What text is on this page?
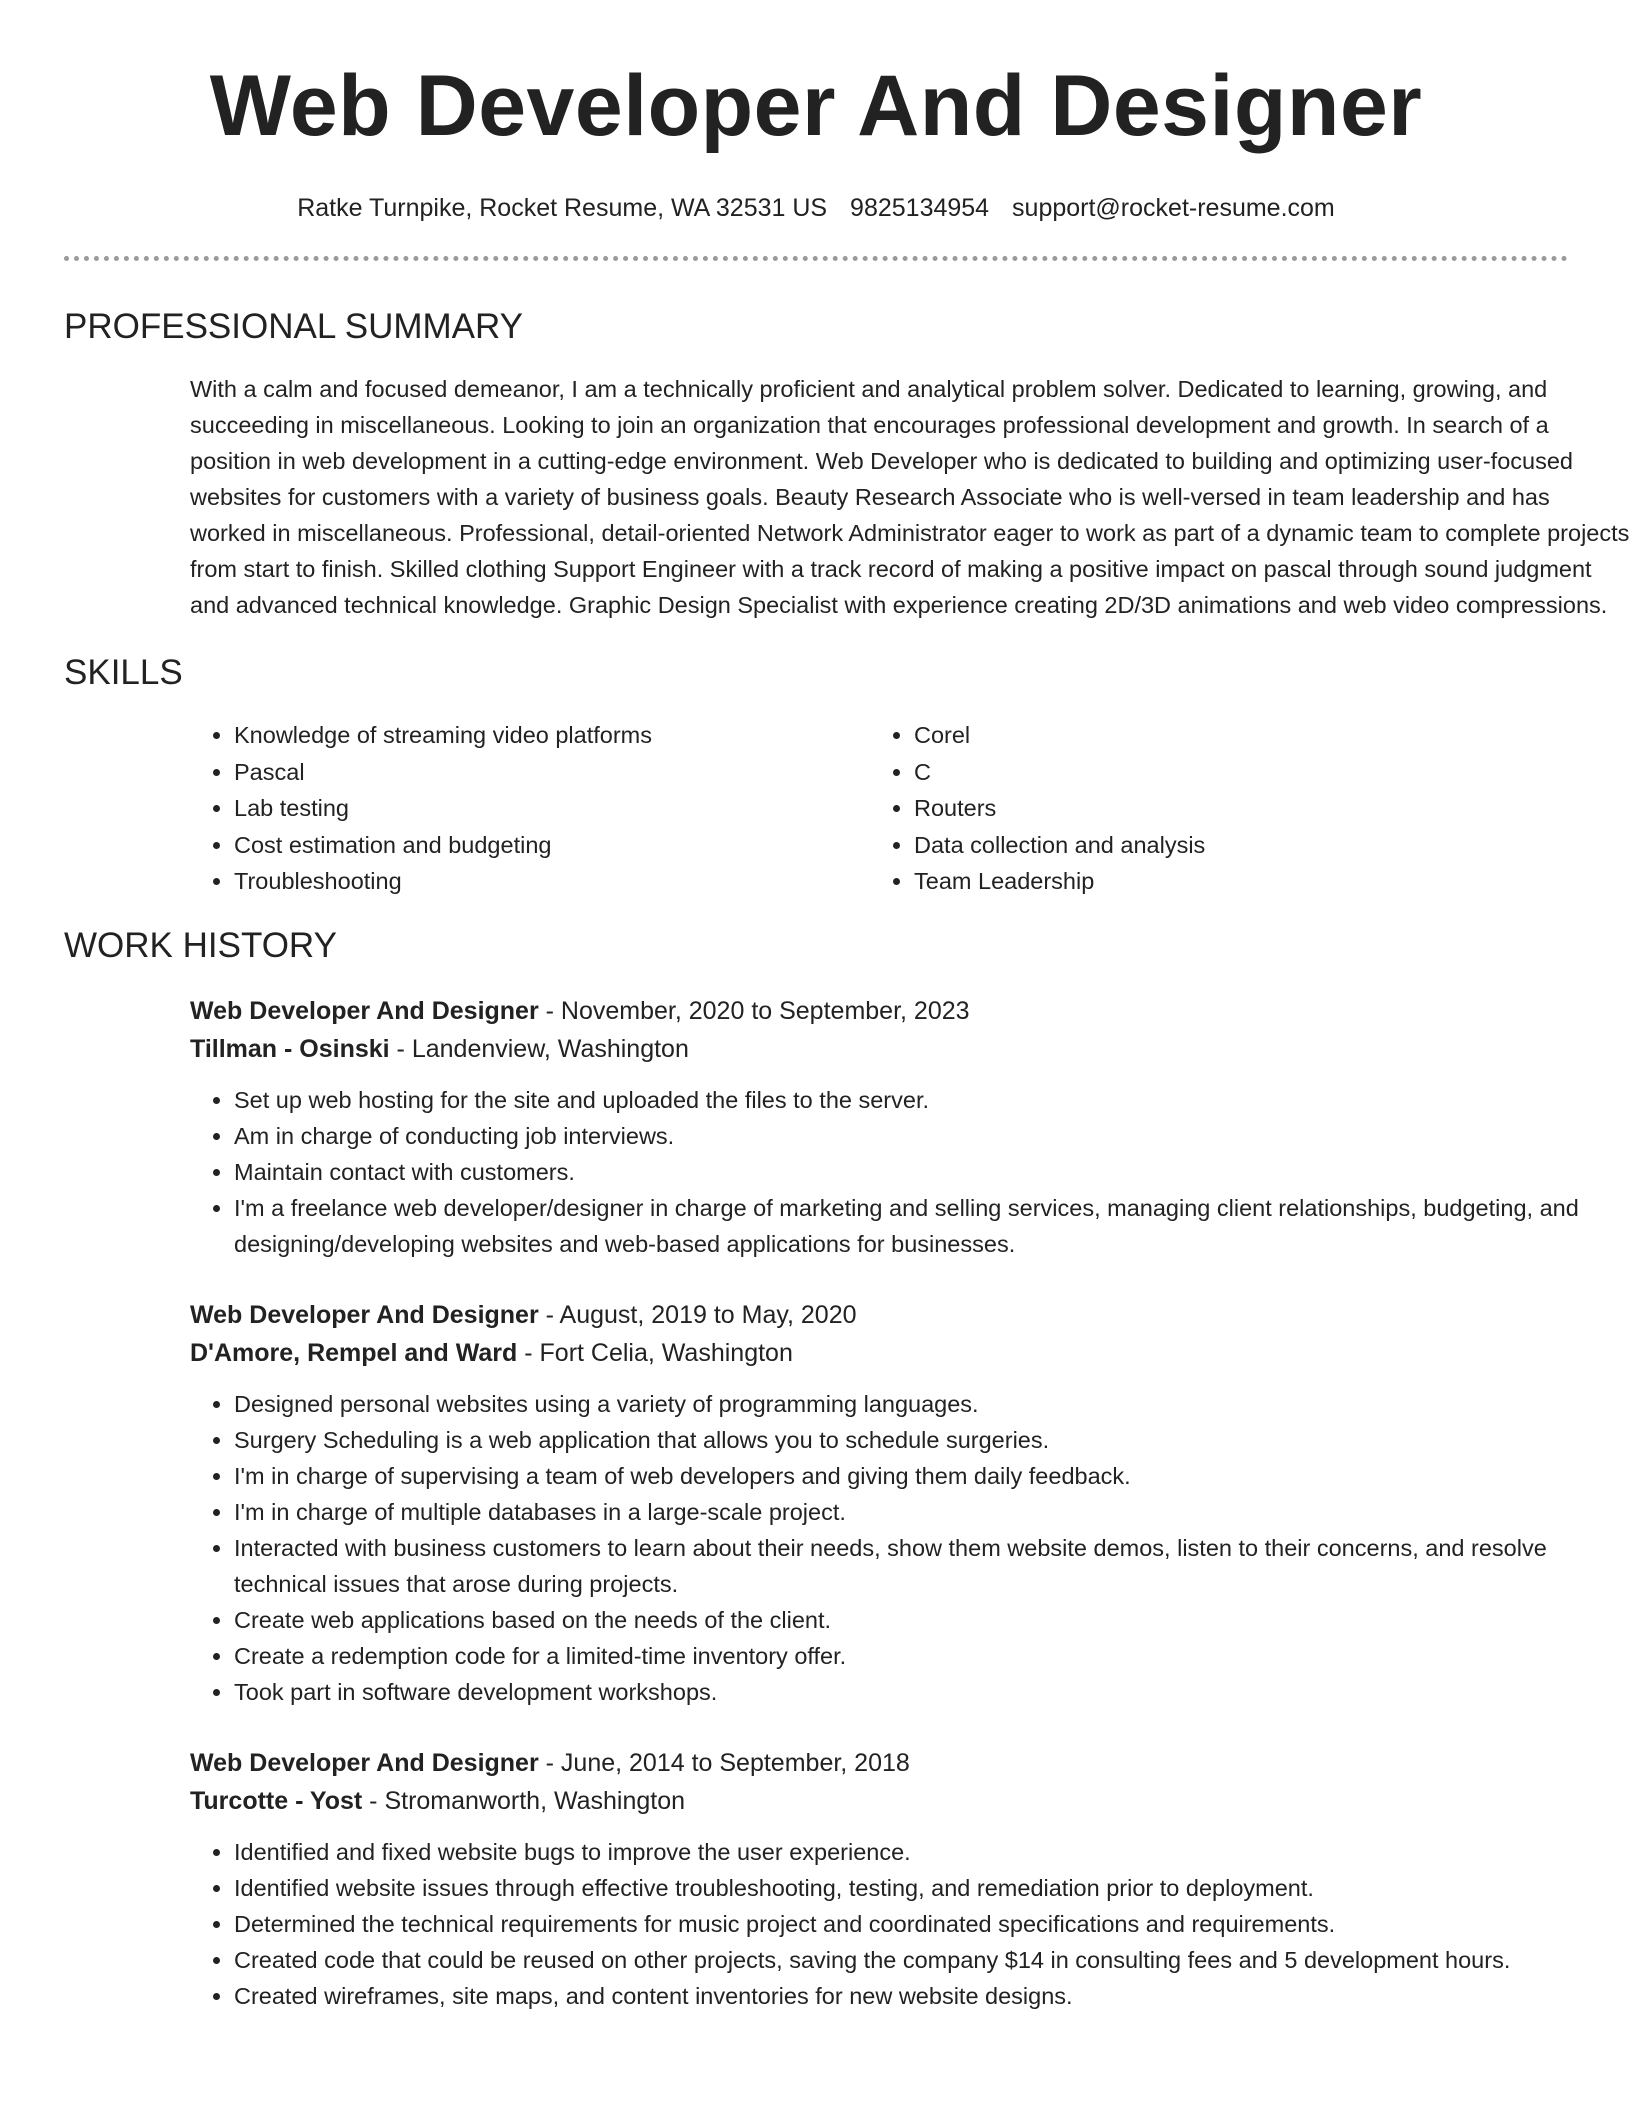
Web Developer And Designer
Ratke Turnpike, Rocket Resume, WA 32531 US 9825134954 support@rocket-resume.com
PROFESSIONAL SUMMARY
With a calm and focused demeanor, I am a technically proficient and analytical problem solver. Dedicated to learning, growing, and succeeding in miscellaneous. Looking to join an organization that encourages professional development and growth. In search of a position in web development in a cutting-edge environment. Web Developer who is dedicated to building and optimizing user-focused websites for customers with a variety of business goals. Beauty Research Associate who is well-versed in team leadership and has worked in miscellaneous. Professional, detail-oriented Network Administrator eager to work as part of a dynamic team to complete projects from start to finish. Skilled clothing Support Engineer with a track record of making a positive impact on pascal through sound judgment and advanced technical knowledge. Graphic Design Specialist with experience creating 2D/3D animations and web video compressions.
SKILLS
• Knowledge of streaming video platforms
• Pascal
• Lab testing
• Cost estimation and budgeting
• Troubleshooting
• Corel
• C
• Routers
• Data collection and analysis
• Team Leadership
WORK HISTORY
Web Developer And Designer - November, 2020 to September, 2023
Tillman - Osinski - Landenview, Washington
• Set up web hosting for the site and uploaded the files to the server.
• Am in charge of conducting job interviews.
• Maintain contact with customers.
• I'm a freelance web developer/designer in charge of marketing and selling services, managing client relationships, budgeting, and designing/developing websites and web-based applications for businesses.
Web Developer And Designer - August, 2019 to May, 2020
D'Amore, Rempel and Ward - Fort Celia, Washington
• Designed personal websites using a variety of programming languages.
• Surgery Scheduling is a web application that allows you to schedule surgeries.
• I'm in charge of supervising a team of web developers and giving them daily feedback.
• I'm in charge of multiple databases in a large-scale project.
• Interacted with business customers to learn about their needs, show them website demos, listen to their concerns, and resolve technical issues that arose during projects.
• Create web applications based on the needs of the client.
• Create a redemption code for a limited-time inventory offer.
• Took part in software development workshops.
Web Developer And Designer - June, 2014 to September, 2018
Turcotte - Yost - Stromanworth, Washington
• Identified and fixed website bugs to improve the user experience.
• Identified website issues through effective troubleshooting, testing, and remediation prior to deployment.
• Determined the technical requirements for music project and coordinated specifications and requirements.
• Created code that could be reused on other projects, saving the company $14 in consulting fees and 5 development hours.
• Created wireframes, site maps, and content inventories for new website designs.
